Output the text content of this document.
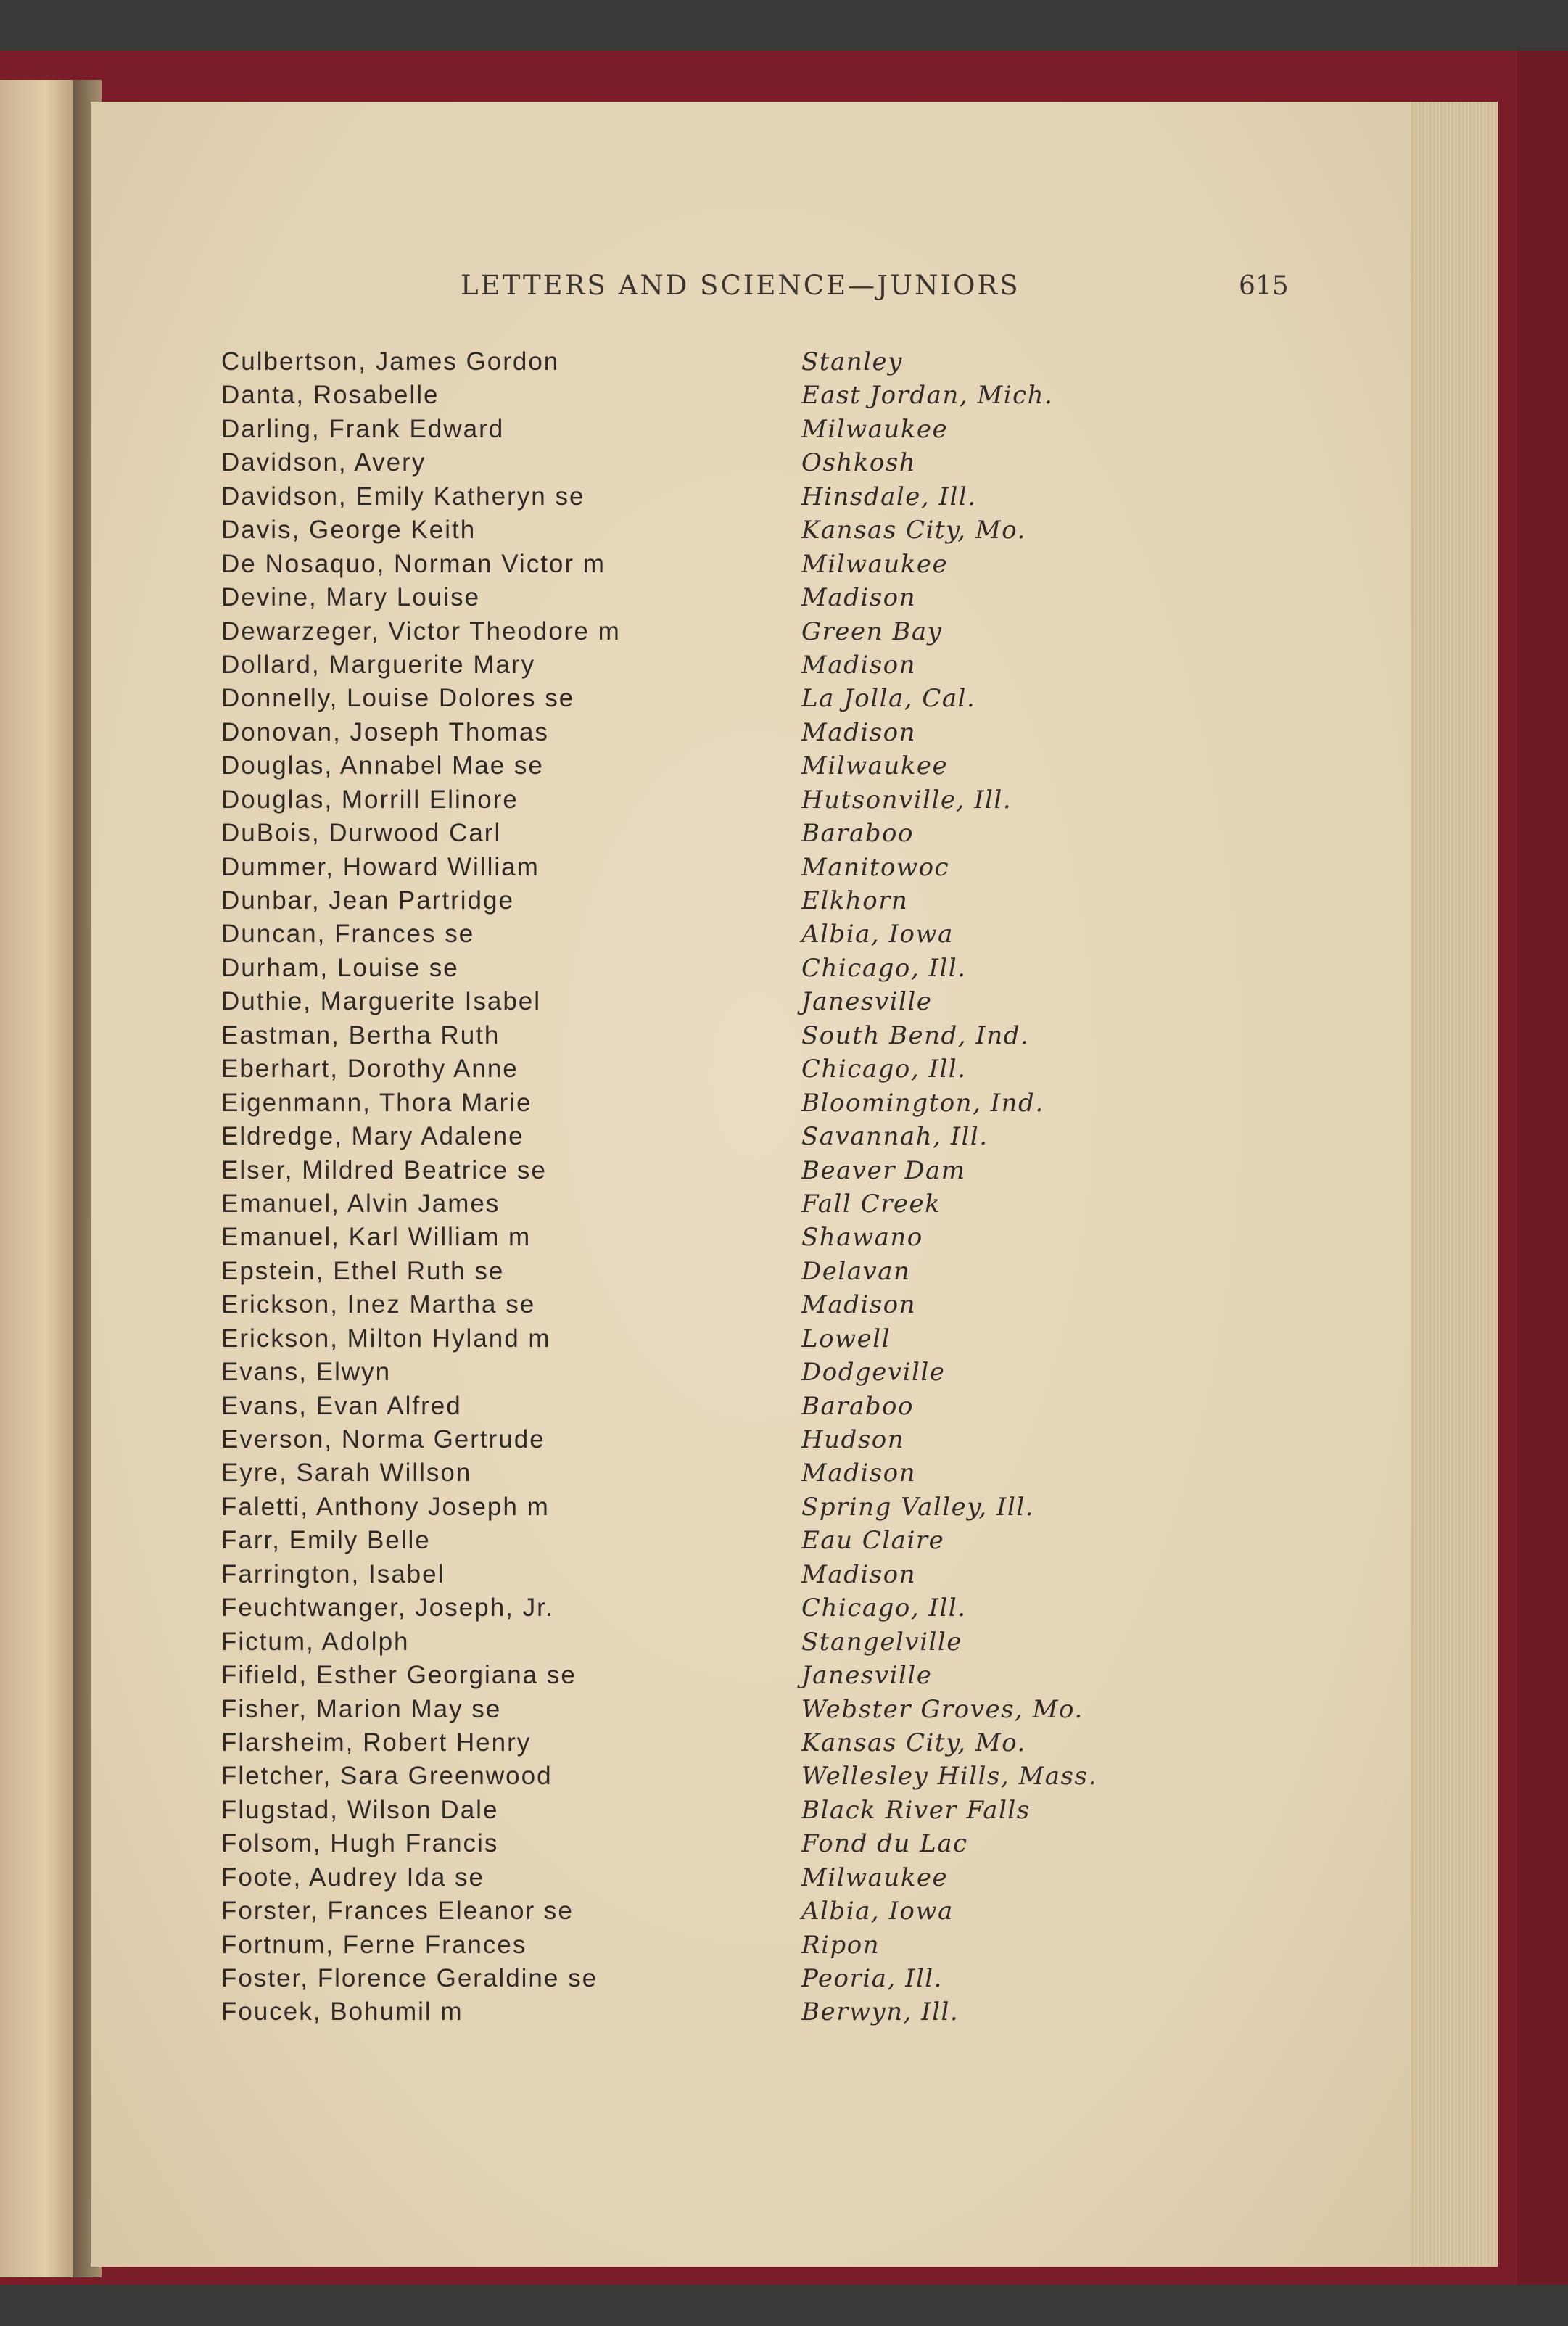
LETTERS AND SCIENCE—JUNIORS	615
Culbertson, James Gordon	Stanley
Danta, Rosabelle	East Jordan, Mich.
Darling, Frank Edward	Milwaukee
Davidson, Avery	Oshkosh
Davidson, Emily Katheryn se	Hinsdale, Ill.
Davis, George Keith	Kansas City, Mo.
De Nosaquo, Norman Victor m	Milwaukee
Devine, Mary Louise	Madison
Dewarzeger, Victor Theodore m	Green Bay
Dollard, Marguerite Mary	Madison
Donnelly, Louise Dolores se	La Jolla, Cal.
Donovan, Joseph Thomas	Madison
Douglas, Annabel Mae se	Milwaukee
Douglas, Morrill Elinore	Hutsonville, Ill.
DuBois, Durwood Carl	Baraboo
Dummer, Howard William	Manitowoc
Dunbar, Jean Partridge	Elkhorn
Duncan, Frances se	Albia, Iowa
Durham, Louise se	Chicago, Ill.
Duthie, Marguerite Isabel	Janesville
Eastman, Bertha Ruth	South Bend, Ind.
Eberhart, Dorothy Anne	Chicago, Ill.
Eigenmann, Thora Marie	Bloomington, Ind.
Eldredge, Mary Adalene	Savannah, Ill.
Elser, Mildred Beatrice se	Beaver Dam
Emanuel, Alvin James	Fall Creek
Emanuel, Karl William m	Shawano
Epstein, Ethel Ruth se	Delavan
Erickson, Inez Martha se	Madison
Erickson, Milton Hyland m	Lowell
Evans, Elwyn	Dodgeville
Evans, Evan Alfred	Baraboo
Everson, Norma Gertrude	Hudson
Eyre, Sarah Willson	Madison
Faletti, Anthony Joseph m	Spring Valley, Ill.
Farr, Emily Belle	Eau Claire
Farrington, Isabel	Madison
Feuchtwanger, Joseph, Jr.	Chicago, Ill.
Fictum, Adolph	Stangelville
Fifield, Esther Georgiana se	Janesville
Fisher, Marion May se	Webster Groves, Mo.
Flarsheim, Robert Henry	Kansas City, Mo.
Fletcher, Sara Greenwood	Wellesley Hills, Mass.
Flugstad, Wilson Dale	Black River Falls
Folsom, Hugh Francis	Fond du Lac
Foote, Audrey Ida se	Milwaukee
Forster, Frances Eleanor se	Albia, Iowa
Fortnum, Ferne Frances	Ripon
Foster, Florence Geraldine se	Peoria, Ill.
Foucek, Bohumil m	Berwyn, Ill.
